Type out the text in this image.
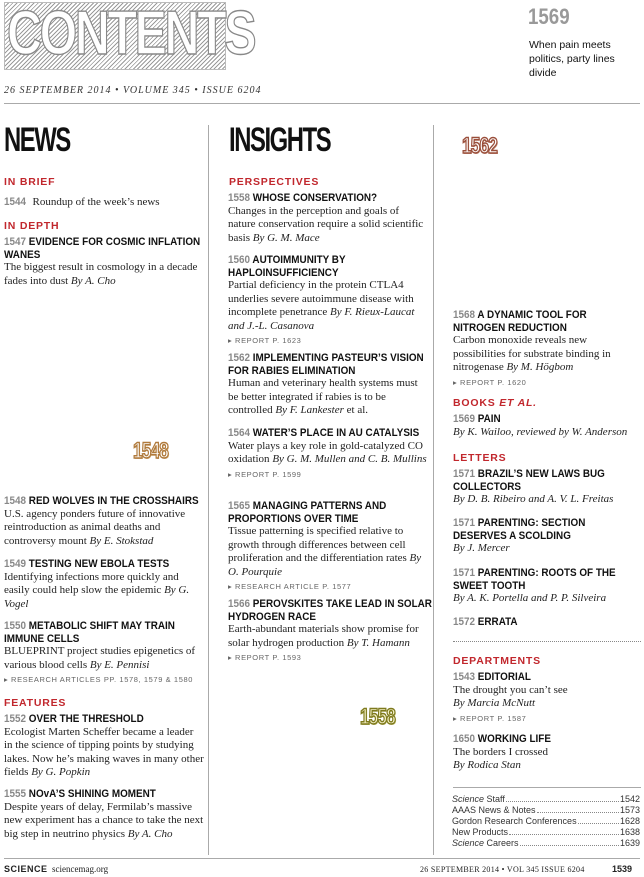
CONTENTS	1569
When pain meets politics, party lines divide
26 SEPTEMBER 2014 • VOLUME 345 • ISSUE 6204
NEWS
IN BRIEF
1544 Roundup of the week’s news
IN DEPTH
1547 EVIDENCE FOR COSMIC INFLATION WANES
The biggest result in cosmology in a decade fades into dust By A. Cho
1548
1548 RED WOLVES IN THE CROSSHAIRS
U.S. agency ponders future of innovative reintroduction as animal deaths and controversy mount By E. Stokstad
1549 TESTING NEW EBOLA TESTS
Identifying infections more quickly and easily could help slow the epidemic By G. Vogel
1550 METABOLIC SHIFT MAY TRAIN IMMUNE CELLS
BLUEPRINT project studies epigenetics of various blood cells By E. Pennisi
▸ RESEARCH ARTICLES PP. 1578, 1579 & 1580
FEATURES
1552 OVER THE THRESHOLD
Ecologist Marten Scheffer became a leader in the science of tipping points by studying lakes. Now he’s making waves in many other fields By G. Popkin
1555 NOvA’S SHINING MOMENT
Despite years of delay, Fermilab’s massive new experiment has a chance to take the next big step in neutrino physics By A. Cho
INSIGHTS
PERSPECTIVES
1558 WHOSE CONSERVATION?
Changes in the perception and goals of nature conservation require a solid scientific basis By G. M. Mace
1560 AUTOIMMUNITY BY HAPLOINSUFFICIENCY
Partial deficiency in the protein CTLA4 underlies severe autoimmune disease with incomplete penetrance By F. Rieux-Laucat and J.-L. Casanova
▸ REPORT P. 1623
1562 IMPLEMENTING PASTEUR’S VISION FOR RABIES ELIMINATION
Human and veterinary health systems must be better integrated if rabies is to be controlled By F. Lankester et al.
1564 WATER’S PLACE IN AU CATALYSIS
Water plays a key role in gold-catalyzed CO oxidation By G. M. Mullen and C. B. Mullins
▸ REPORT P. 1599
1565 MANAGING PATTERNS AND PROPORTIONS OVER TIME
Tissue patterning is specified relative to growth through differences between cell proliferation and the differentiation rates By O. Pourquie
▸ RESEARCH ARTICLE P. 1577
1566 PEROVSKITES TAKE LEAD IN SOLAR HYDROGEN RACE
Earth-abundant materials show promise for solar hydrogen production By T. Hamann
▸ REPORT P. 1593
1558
1562
1568 A DYNAMIC TOOL FOR NITROGEN REDUCTION
Carbon monoxide reveals new possibilities for substrate binding in nitrogenase By M. Högbom
▸ REPORT P. 1620
BOOKS ET AL.
1569 PAIN
By K. Wailoo, reviewed by W. Anderson
LETTERS
1571 BRAZIL’S NEW LAWS BUG COLLECTORS
By D. B. Ribeiro and A. V. L. Freitas
1571 PARENTING: SECTION DESERVES A SCOLDING
By J. Mercer
1571 PARENTING: ROOTS OF THE SWEET TOOTH
By A. K. Portella and P. P. Silveira
1572 ERRATA
DEPARTMENTS
1543 EDITORIAL
The drought you can’t see
By Marcia McNutt
▸ REPORT P. 1587
1650 WORKING LIFE
The borders I crossed
By Rodica Stan
Science Staff	1542
AAAS News & Notes	1573
Gordon Research Conferences	1628
New Products	1638
Science Careers	1639
SCIENCE sciencemag.org	26 SEPTEMBER 2014 • VOL 345 ISSUE 6204	1539
